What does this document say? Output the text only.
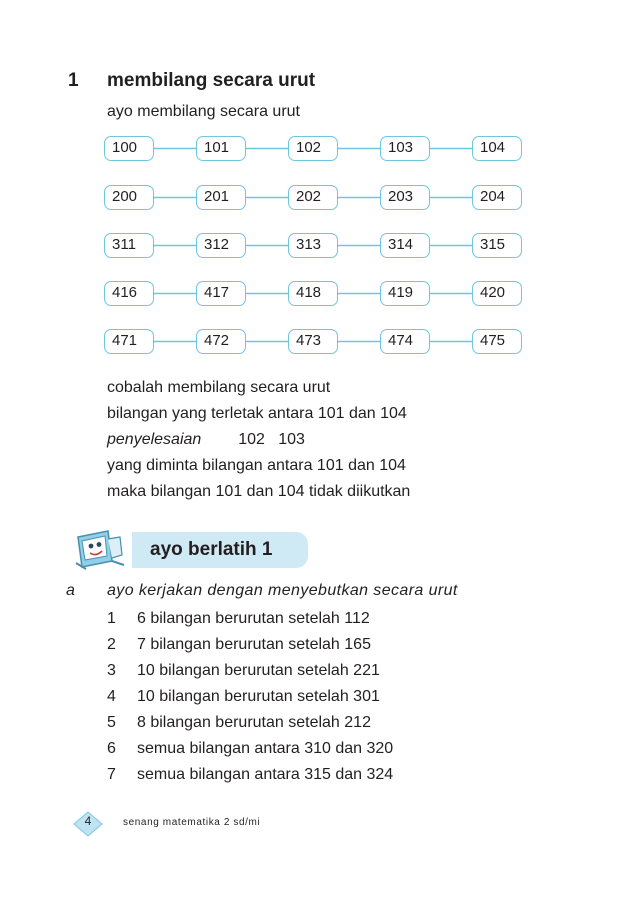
1 membilang secara urut
ayo membilang secara urut
100	101	102	103	104
200	201	202	203	204
311	312	313	314	315
416	417	418	419	420
471	472	473	474	475
cobalah membilang secara urut
bilangan yang terletak antara 101 dan 104
penyelesaian 102   103
yang diminta bilangan antara 101 dan 104
maka bilangan 101 dan 104 tidak diikutkan
ayo berlatih 1
a ayo kerjakan dengan menyebutkan secara urut
1 6 bilangan berurutan setelah 112
2 7 bilangan berurutan setelah 165
3 10 bilangan berurutan setelah 221
4 10 bilangan berurutan setelah 301
5 8 bilangan berurutan setelah 212
6 semua bilangan antara 310 dan 320
7 semua bilangan antara 315 dan 324
4	senang matematika 2 sd/mi
